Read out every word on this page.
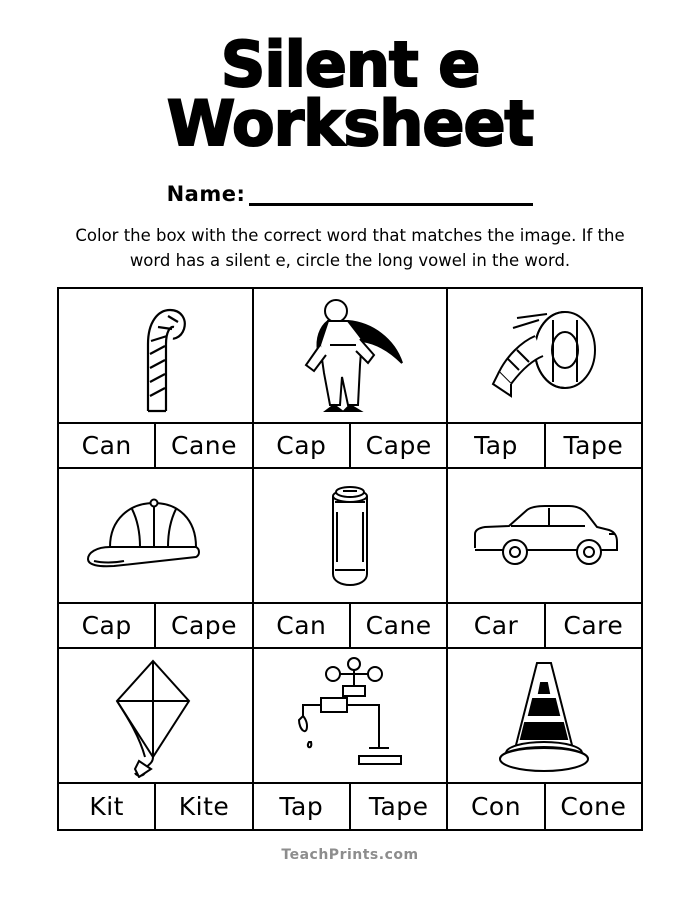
Silent e
Worksheet
Name:
Color the box with the correct word that matches the image. If the word has a silent e, circle the long vowel in the word.
Can	Cane	Cap	Cape	Tap	Tape
Cap	Cape	Can	Cane	Car	Care
Kit	Kite	Tap	Tape	Con	Cone
TeachPrints.com
